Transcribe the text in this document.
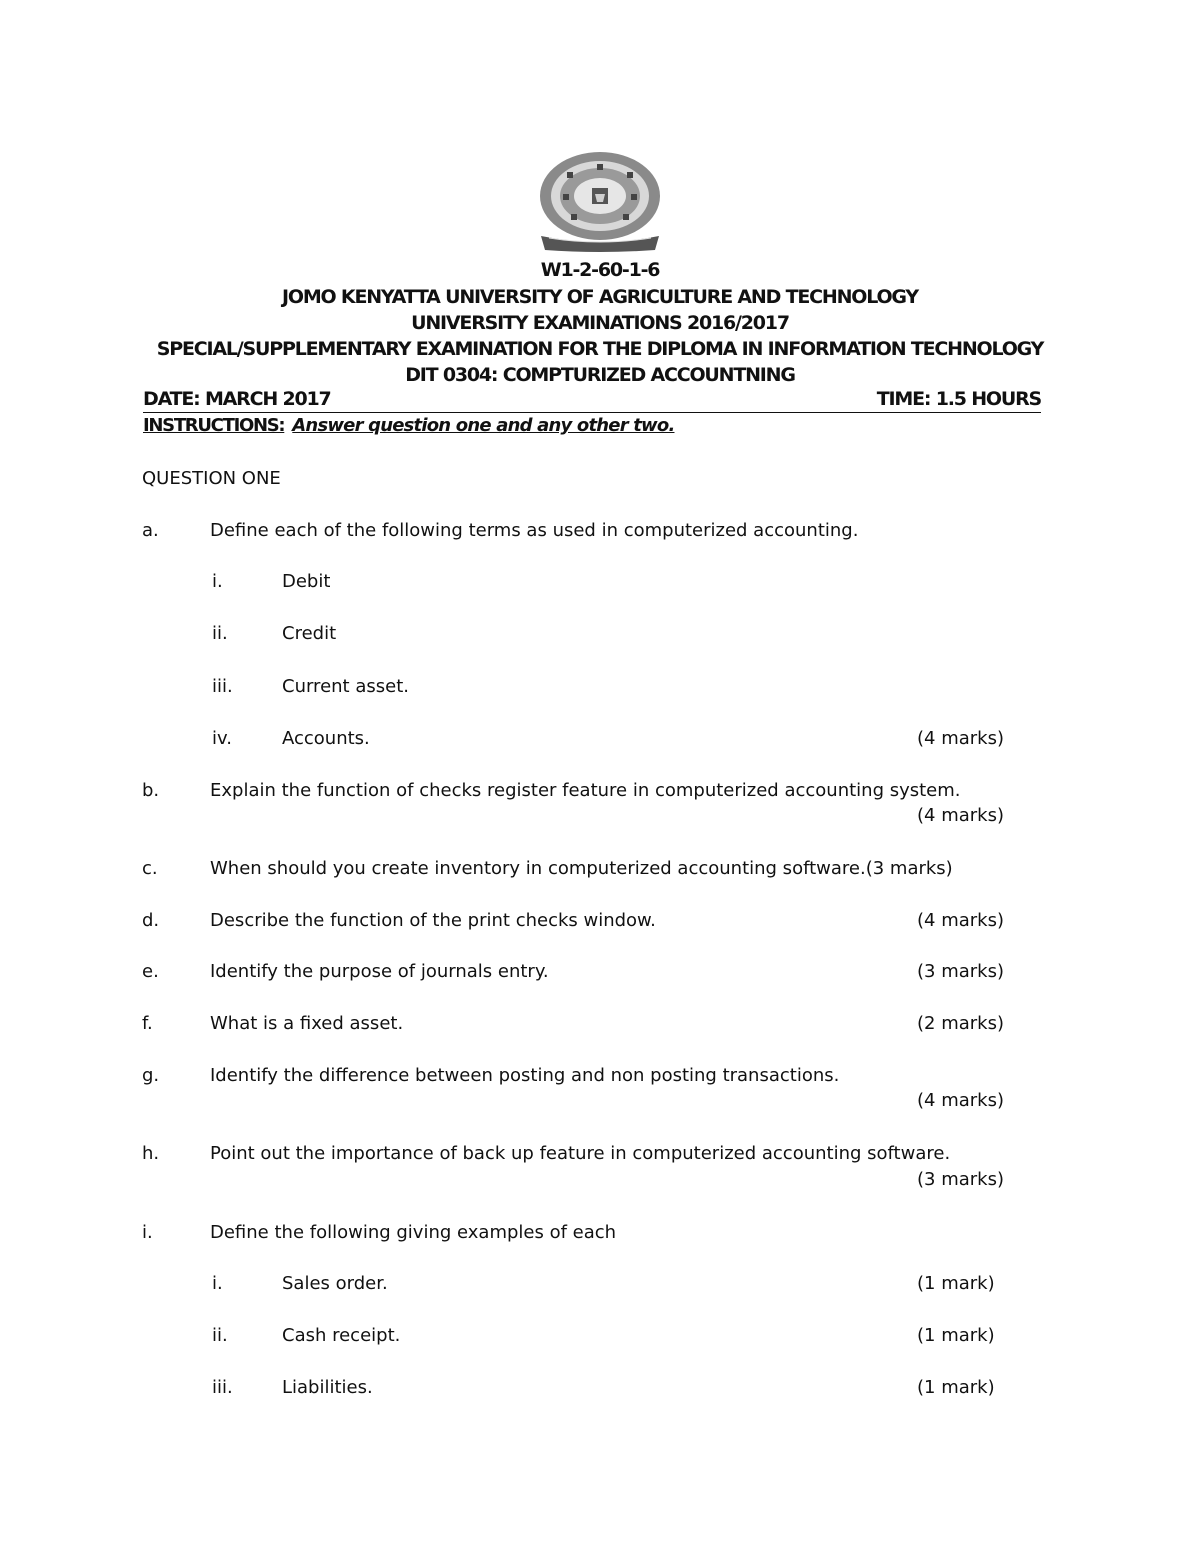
W1-2-60-1-6
JOMO KENYATTA UNIVERSITY OF AGRICULTURE AND TECHNOLOGY
UNIVERSITY EXAMINATIONS 2016/2017
SPECIAL/SUPPLEMENTARY EXAMINATION FOR THE DIPLOMA IN INFORMATION TECHNOLOGY
DIT 0304: COMPTURIZED ACCOUNTNING
DATE: MARCH 2017	TIME: 1.5 HOURS
INSTRUCTIONS: Answer question one and any other two.
QUESTION ONE
a.	Define each of the following terms as used in computerized accounting.
i.	Debit
ii.	Credit
iii.	Current asset.
iv.	Accounts.	(4 marks)
b.	Explain the function of checks register feature in computerized accounting system.
(4 marks)
c.	When should you create inventory in computerized accounting software.(3 marks)
d.	Describe the function of the print checks window.	(4 marks)
e.	Identify the purpose of journals entry.	(3 marks)
f.	What is a fixed asset.	(2 marks)
g.	Identify the difference between posting and non posting transactions.
(4 marks)
h.	Point out the importance of back up feature in computerized accounting software.
(3 marks)
i.	Define the following giving examples of each
i.	Sales order.	(1 mark)
ii.	Cash receipt.	(1 mark)
iii.	Liabilities.	(1 mark)
